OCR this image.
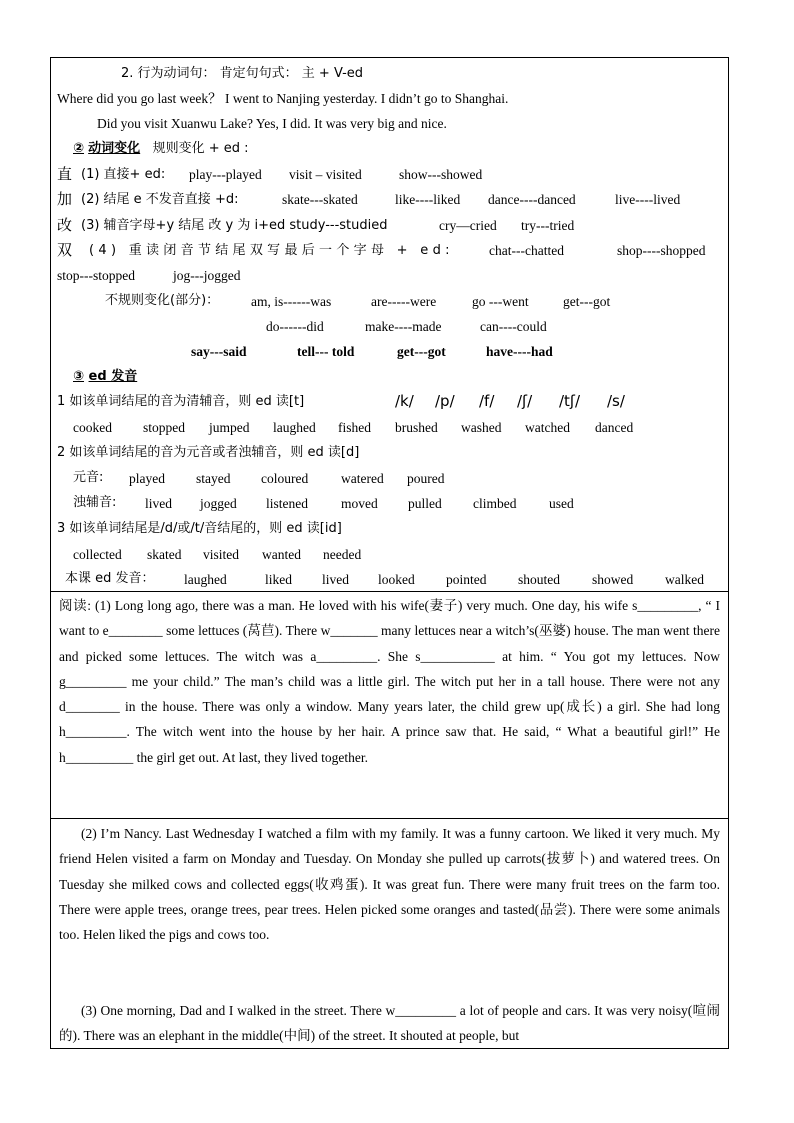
2. 行为动词句： 肯定句句式： 主 + V-ed
Where did you go last week？ I went to Nanjing yesterday. I didn’t go to Shanghai.
Did you visit Xuanwu Lake? Yes, I did. It was very big and nice.
② 动词变化 规则变化 + ed :
直 (1) 直接+ ed: play---played visit – visited	show---showed
加 (2) 结尾 e 不发音直接 +d:	skate---skated	like----liked dance----danced	live----lived
改 (3) 辅音字母+y 结尾 改 y 为 i+ed study---studied	cry—cried try---tried
双 (4) 重读闭音节结尾双写最后一个字母 + ed:	chat---chatted	shop----shopped
stop---stopped	jog---jogged
不规则变化(部分)： am, is------was	are-----were	go ---went	get---got
do------did	make----made	can----could
say---said	tell--- told	get---got	have----had
③ ed 发音
1 如该单词结尾的音为清辅音，则 ed 读[t]	/k/ /p/ /f/ /ʃ/ /tʃ/ /s/
cooked stopped jumped laughed fished brushed washed watched danced
2 如该单词结尾的音为元音或者浊辅音，则 ed 读[d]
元音: played stayed coloured watered poured
浊辅音: lived jogged listened moved pulled climbed used
3 如该单词结尾是/d/或/t/音结尾的，则 ed 读[id]
collected skated visited wanted needed
本课 ed 发音： laughed	liked lived looked pointed shouted showed walked
阅读: (1) Long long ago, there was a man. He loved with his wife(妻子) very much. One day, his wife s_________, “ I want to e________ some lettuces (莴苣). There w_______ many lettuces near a witch’s(巫婆) house. The man went there and picked some lettuces. The witch was a_________. She s___________ at him. “ You got my lettuces. Now g_________ me your child.” The man’s child was a little girl. The witch put her in a tall house. There were not any d________ in the house. There was only a window. Many years later, the child grew up(成长) a girl. She had long h_________. The witch went into the house by her hair. A prince saw that. He said, “ What a beautiful girl!” He h__________ the girl get out. At last, they lived together.
(2) I’m Nancy. Last Wednesday I watched a film with my family. It was a funny cartoon. We liked it very much. My friend Helen visited a farm on Monday and Tuesday. On Monday she pulled up carrots(拔萝卜) and watered trees. On Tuesday she milked cows and collected eggs(收鸡蛋). It was great fun. There were many fruit trees on the farm too. There were apple trees, orange trees, pear trees. Helen picked some oranges and tasted(品尝). There were some animals too. Helen liked the pigs and cows too.
(3) One morning, Dad and I walked in the street. There w_________ a lot of people and cars. It was very noisy(喧闹的). There was an elephant in the middle(中间) of the street. It shouted at people, but
